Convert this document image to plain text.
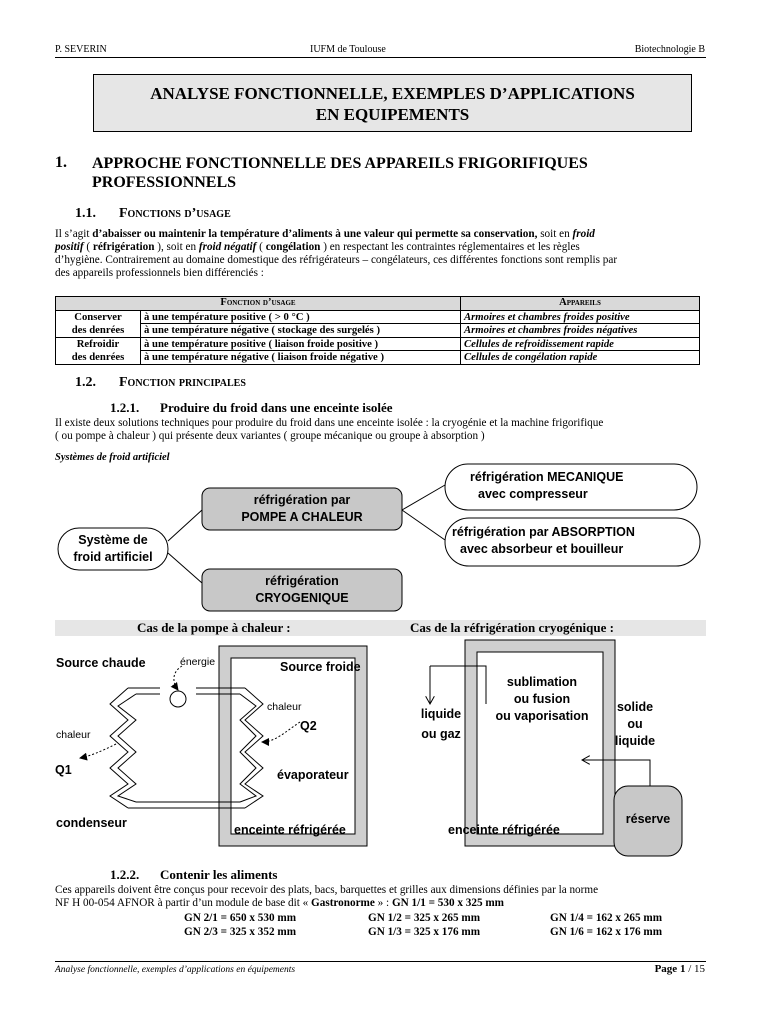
P. SEVERIN	IUFM de Toulouse	Biotechnologie B
ANALYSE FONCTIONNELLE, EXEMPLES D’APPLICATIONS
EN EQUIPEMENTS
1. APPROCHE FONCTIONNELLE DES APPAREILS FRIGORIFIQUES
PROFESSIONNELS
1.1. Fonctions d’usage
Il s’agit d’abaisser ou maintenir la température d’aliments à une valeur qui permette sa conservation, soit en froid
positif ( réfrigération ), soit en froid négatif ( congélation ) en respectant les contraintes réglementaires et les règles
d’hygiène. Contrairement au domaine domestique des réfrigérateurs – congélateurs, ces différentes fonctions sont remplis par
des appareils professionnels bien différenciés :
Fonction d’usage		Appareils
Conserver	à une température positive ( > 0 °C )	Armoires et chambres froides positive
des denrées	à une température négative ( stockage des surgelés )	Armoires et chambres froides négatives
Refroidir	à une température positive ( liaison froide positive )	Cellules de refroidissement rapide
des denrées	à une température négative ( liaison froide négative )	Cellules de congélation rapide
1.2. Fonction principales
1.2.1. Produire du froid dans une enceinte isolée
Il existe deux solutions techniques pour produire du froid dans une enceinte isolée : la cryogénie et la machine frigorifique
( ou pompe à chaleur ) qui présente deux variantes ( groupe mécanique ou groupe à absorption )
Systèmes de froid artificiel
Système de
froid artificiel
réfrigération par
POMPE A CHALEUR
réfrigération
CRYOGENIQUE
réfrigération MECANIQUE
avec compresseur
réfrigération par ABSORPTION
avec absorbeur et bouilleur
Cas de la pompe à chaleur :	Cas de la réfrigération cryogénique :
Source chaude	énergie	Source froide
chaleur
Q2
chaleur
Q1	évaporateur
condenseur	enceinte réfrigérée
sublimation
ou fusion
ou vaporisation
liquide
ou gaz
solide
ou
liquide
réserve
enceinte réfrigérée
1.2.2. Contenir les aliments
Ces appareils doivent être conçus pour recevoir des plats, bacs, barquettes et grilles aux dimensions définies par la norme
NF H 00-054 AFNOR à partir d’un module de base dit « Gastronorme » : GN 1/1 = 530 x 325 mm
GN 2/1 = 650 x 530 mm	GN 1/2 = 325 x 265 mm	GN 1/4 = 162 x 265 mm
GN 2/3 = 325 x 352 mm	GN 1/3 = 325 x 176 mm	GN 1/6 = 162 x 176 mm
Analyse fonctionnelle, exemples d’applications en équipements	Page 1 / 15
